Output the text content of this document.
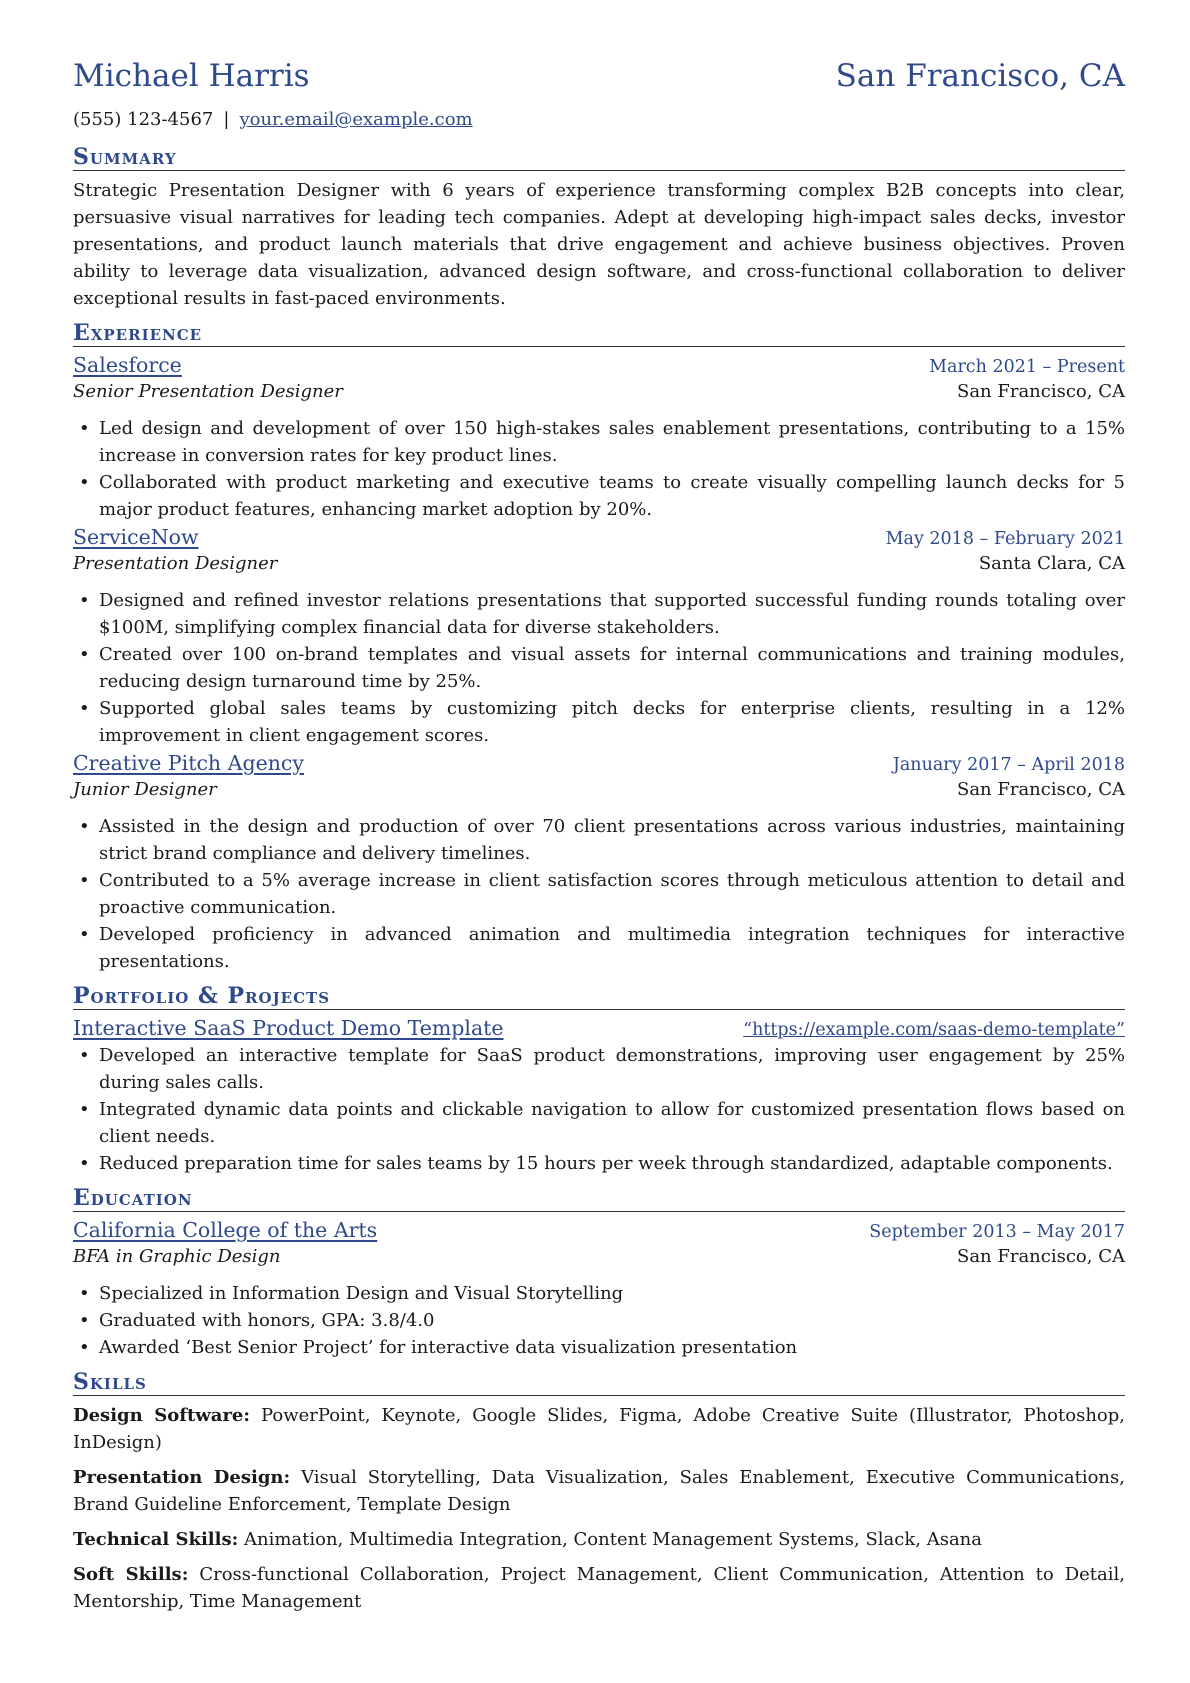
Michael Harris	San Francisco, CA
(555) 123-4567 | your.email@example.com
Summary

Strategic Presentation Designer with 6 years of experience transforming complex B2B concepts into clear, persuasive visual narratives for leading tech companies. Adept at developing high-impact sales decks, investor presentations, and product launch materials that drive engagement and achieve business objectives. Proven ability to leverage data visualization, advanced design software, and cross-functional collaboration to deliver exceptional results in fast-paced environments.

Experience
Salesforce	March 2021 – Present
Senior Presentation Designer	San Francisco, CA
• Led design and development of over 150 high-stakes sales enablement presentations, contributing to a 15% increase in conversion rates for key product lines.
• Collaborated with product marketing and executive teams to create visually compelling launch decks for 5 major product features, enhancing market adoption by 20%.
ServiceNow	May 2018 – February 2021
Presentation Designer	Santa Clara, CA
• Designed and refined investor relations presentations that supported successful funding rounds totaling over $100M, simplifying complex financial data for diverse stakeholders.
• Created over 100 on-brand templates and visual assets for internal communications and training modules, reducing design turnaround time by 25%.
• Supported global sales teams by customizing pitch decks for enterprise clients, resulting in a 12% improvement in client engagement scores.
Creative Pitch Agency	January 2017 – April 2018
Junior Designer	San Francisco, CA
• Assisted in the design and production of over 70 client presentations across various industries, maintaining strict brand compliance and delivery timelines.
• Contributed to a 5% average increase in client satisfaction scores through meticulous attention to detail and proactive communication.
• Developed proficiency in advanced animation and multimedia integration techniques for interactive presentations.
Portfolio & Projects
Interactive SaaS Product Demo Template	“https://example.com/saas-demo-template”
• Developed an interactive template for SaaS product demonstrations, improving user engagement by 25% during sales calls.
• Integrated dynamic data points and clickable navigation to allow for customized presentation flows based on client needs.
• Reduced preparation time for sales teams by 15 hours per week through standardized, adaptable components.
Education
California College of the Arts	September 2013 – May 2017
BFA in Graphic Design	San Francisco, CA
• Specialized in Information Design and Visual Storytelling
• Graduated with honors, GPA: 3.8/4.0
• Awarded ‘Best Senior Project’ for interactive data visualization presentation
Skills

Design Software: PowerPoint, Keynote, Google Slides, Figma, Adobe Creative Suite (Illustrator, Photoshop, InDesign)

Presentation Design: Visual Storytelling, Data Visualization, Sales Enablement, Executive Communications, Brand Guideline Enforcement, Template Design

Technical Skills: Animation, Multimedia Integration, Content Management Systems, Slack, Asana

Soft Skills: Cross-functional Collaboration, Project Management, Client Communication, Attention to Detail, Mentorship, Time Management
